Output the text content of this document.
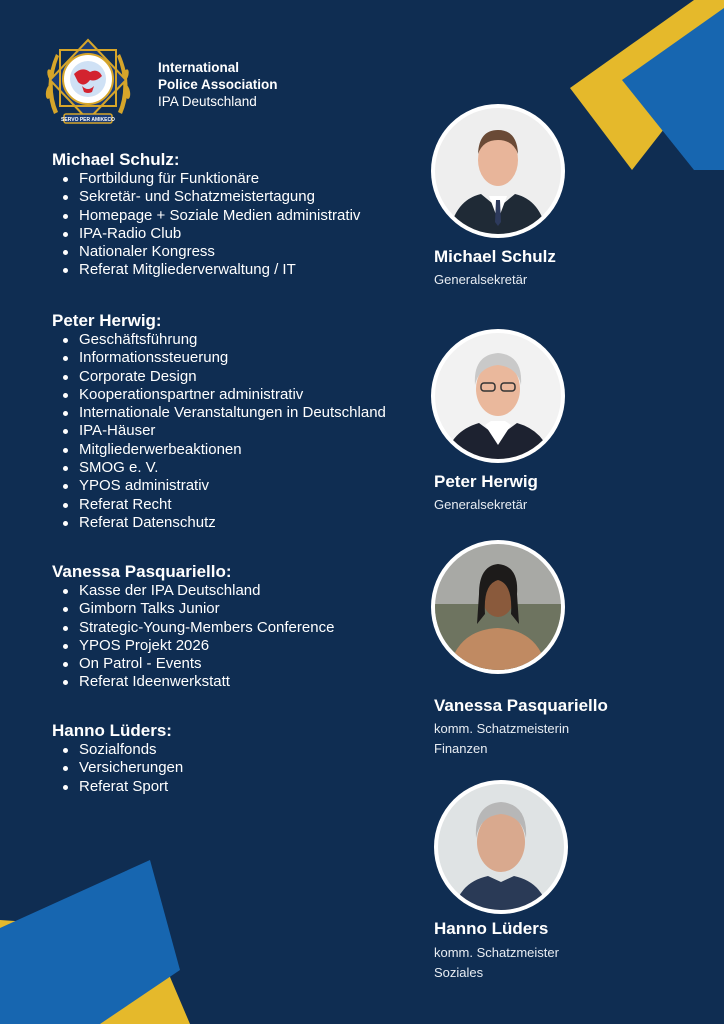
SERVO PER AMIKECO
International
Police Association
IPA Deutschland
Michael Schulz:
Fortbildung für Funktionäre
Sekretär- und Schatzmeistertagung
Homepage + Soziale Medien administrativ
IPA-Radio Club
Nationaler Kongress
Referat Mitgliederverwaltung / IT
Peter Herwig:
Geschäftsführung
Informationssteuerung
Corporate Design
Kooperationspartner administrativ
Internationale Veranstaltungen in Deutschland
IPA-Häuser
Mitgliederwerbeaktionen
SMOG e. V.
YPOS administrativ
Referat Recht
Referat Datenschutz
Vanessa Pasquariello:
Kasse der IPA Deutschland
Gimborn Talks Junior
Strategic-Young-Members Conference
YPOS Projekt 2026
On Patrol - Events
Referat Ideenwerkstatt
Hanno Lüders:
Sozialfonds
Versicherungen
Referat Sport
Michael Schulz
Generalsekretär
Peter Herwig
Generalsekretär
Vanessa Pasquariello
komm. Schatzmeisterin
Finanzen
Hanno Lüders
komm. Schatzmeister
Soziales
